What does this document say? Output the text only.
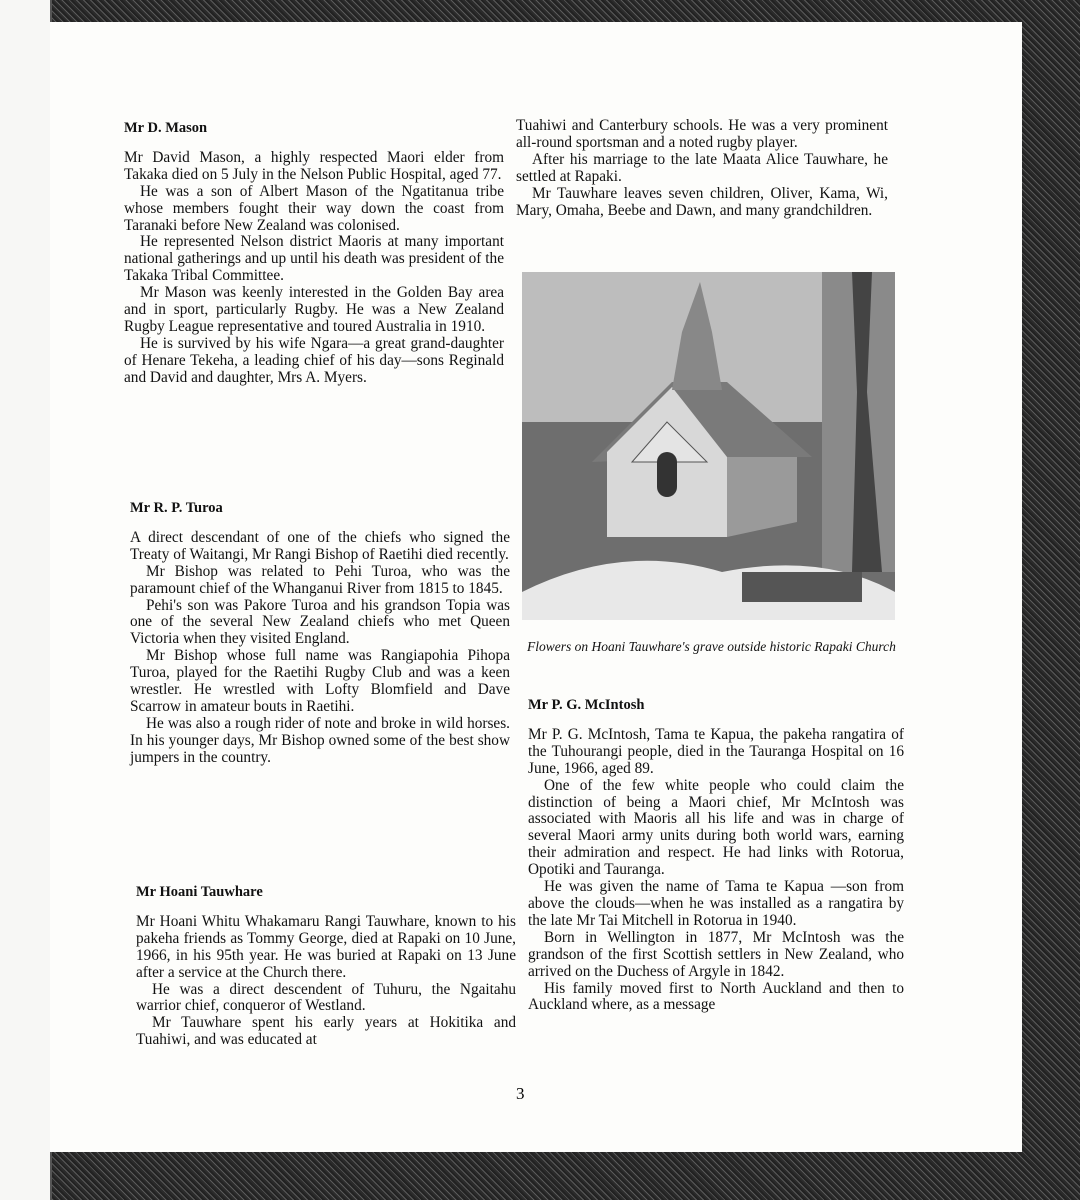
Mr D. Mason

Mr David Mason, a highly respected Maori elder from Takaka died on 5 July in the Nelson Public Hospital, aged 77.

He was a son of Albert Mason of the Ngatitanua tribe whose members fought their way down the coast from Taranaki before New Zealand was colonised.

He represented Nelson district Maoris at many important national gatherings and up until his death was president of the Takaka Tribal Committee.

Mr Mason was keenly interested in the Golden Bay area and in sport, particularly Rugby. He was a New Zealand Rugby League representative and toured Australia in 1910.

He is survived by his wife Ngara—a great grand-daughter of Henare Tekeha, a leading chief of his day—sons Reginald and David and daughter, Mrs A. Myers.

Mr R. P. Turoa

A direct descendant of one of the chiefs who signed the Treaty of Waitangi, Mr Rangi Bishop of Raetihi died recently.

Mr Bishop was related to Pehi Turoa, who was the paramount chief of the Whanganui River from 1815 to 1845.

Pehi's son was Pakore Turoa and his grandson Topia was one of the several New Zealand chiefs who met Queen Victoria when they visited England.

Mr Bishop whose full name was Rangiapohia Pihopa Turoa, played for the Raetihi Rugby Club and was a keen wrestler. He wrestled with Lofty Blomfield and Dave Scarrow in amateur bouts in Raetihi.

He was also a rough rider of note and broke in wild horses. In his younger days, Mr Bishop owned some of the best show jumpers in the country.

Mr Hoani Tauwhare

Mr Hoani Whitu Whakamaru Rangi Tauwhare, known to his pakeha friends as Tommy George, died at Rapaki on 10 June, 1966, in his 95th year. He was buried at Rapaki on 13 June after a service at the Church there.

He was a direct descendent of Tuhuru, the Ngaitahu warrior chief, conqueror of Westland.

Mr Tauwhare spent his early years at Hokitika and Tuahiwi, and was educated at

Tuahiwi and Canterbury schools. He was a very prominent all-round sportsman and a noted rugby player.

After his marriage to the late Maata Alice Tauwhare, he settled at Rapaki.

Mr Tauwhare leaves seven children, Oliver, Kama, Wi, Mary, Omaha, Beebe and Dawn, and many grandchildren.

Flowers on Hoani Tauwhare's grave outside historic Rapaki Church
Mr P. G. McIntosh

Mr P. G. McIntosh, Tama te Kapua, the pakeha rangatira of the Tuhourangi people, died in the Tauranga Hospital on 16 June, 1966, aged 89.

One of the few white people who could claim the distinction of being a Maori chief, Mr McIntosh was associated with Maoris all his life and was in charge of several Maori army units during both world wars, earning their admiration and respect. He had links with Rotorua, Opotiki and Tauranga.

He was given the name of Tama te Kapua —son from above the clouds—when he was installed as a rangatira by the late Mr Tai Mitchell in Rotorua in 1940.

Born in Wellington in 1877, Mr McIntosh was the grandson of the first Scottish settlers in New Zealand, who arrived on the Duchess of Argyle in 1842.

His family moved first to North Auckland and then to Auckland where, as a message

3
